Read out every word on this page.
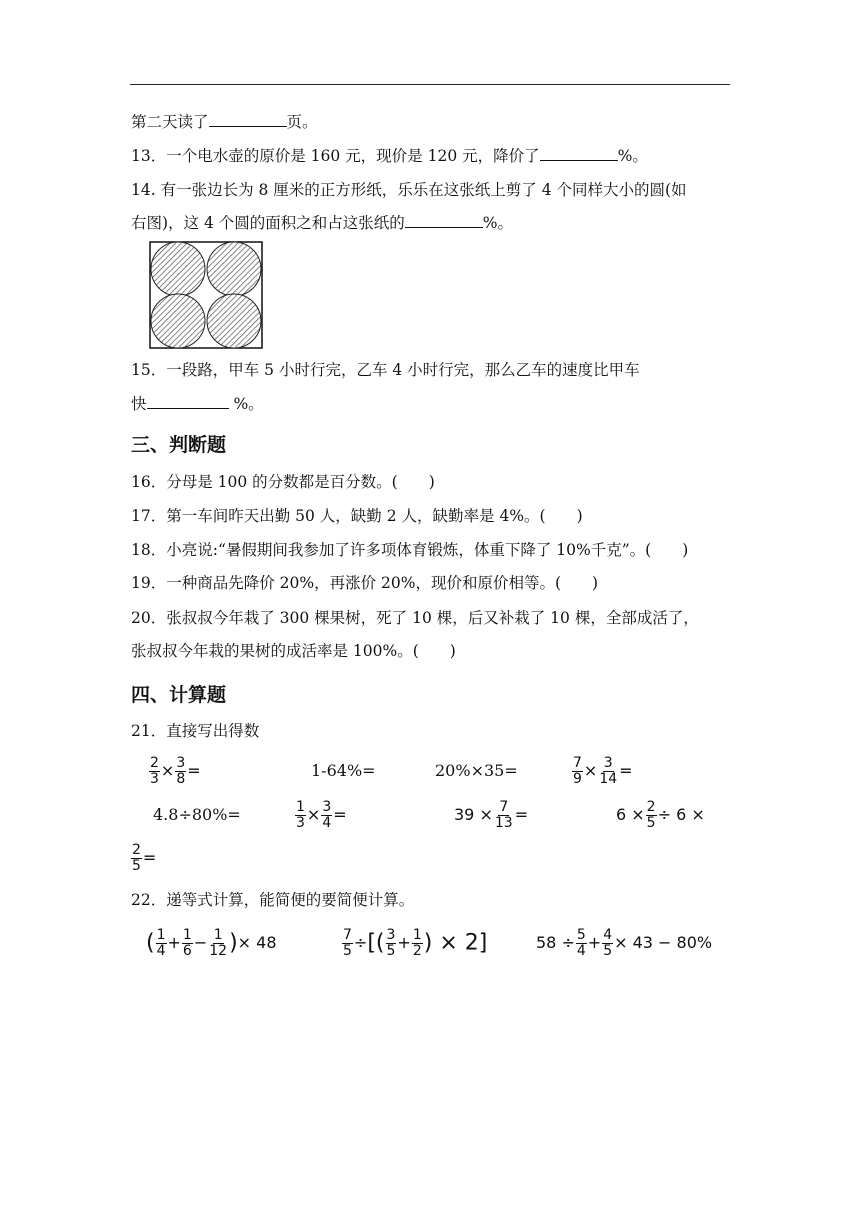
第二天读了	页。
13．一个电水壶的原价是 160 元，现价是 120 元，降价了	%。
14. 有一张边长为 8 厘米的正方形纸，乐乐在这张纸上剪了 4 个同样大小的圆(如
右图)，这 4 个圆的面积之和占这张纸的	%。
15．一段路，甲车 5 小时行完，乙车 4 小时行完，那么乙车的速度比甲车
快	%。
三、判断题
16．分母是 100 的分数都是百分数。(　　)
17．第一车间昨天出勤 50 人，缺勤 2 人，缺勤率是 4%。(　　)
18．小亮说:“暑假期间我参加了许多项体育锻炼，体重下降了 10%千克”。(　　)
19．一种商品先降价 20%，再涨价 20%，现价和原价相等。(　　)
20．张叔叔今年栽了 300 棵果树，死了 10 棵，后又补栽了 10 棵，全部成活了，
张叔叔今年栽的果树的成活率是 100%。(　　)
四、计算题
21．直接写出得数
$\frac{2}{3} \times \frac{3}{8}$ =	1-64%=	20%×35=	$\frac{7}{9} \times \frac{3}{14}$ =
4.8÷80%=	$\frac{1}{3} \times \frac{3}{4}$ =	$39 \times \frac{7}{13}$ =	$6 \times \frac{2}{5} \div 6$ ×
$\frac{2}{5}$ =
22．递等式计算，能简便的要简便计算。
( $\frac{1}{4} + \frac{1}{6} - \frac{1}{12}$ )× 48	$\frac{7}{5}$ ÷[( $\frac{3}{5} + \frac{1}{2}$ ) × 2]	$58 \div \frac{5}{4} + \frac{4}{5} \times 43 - 80\%$
